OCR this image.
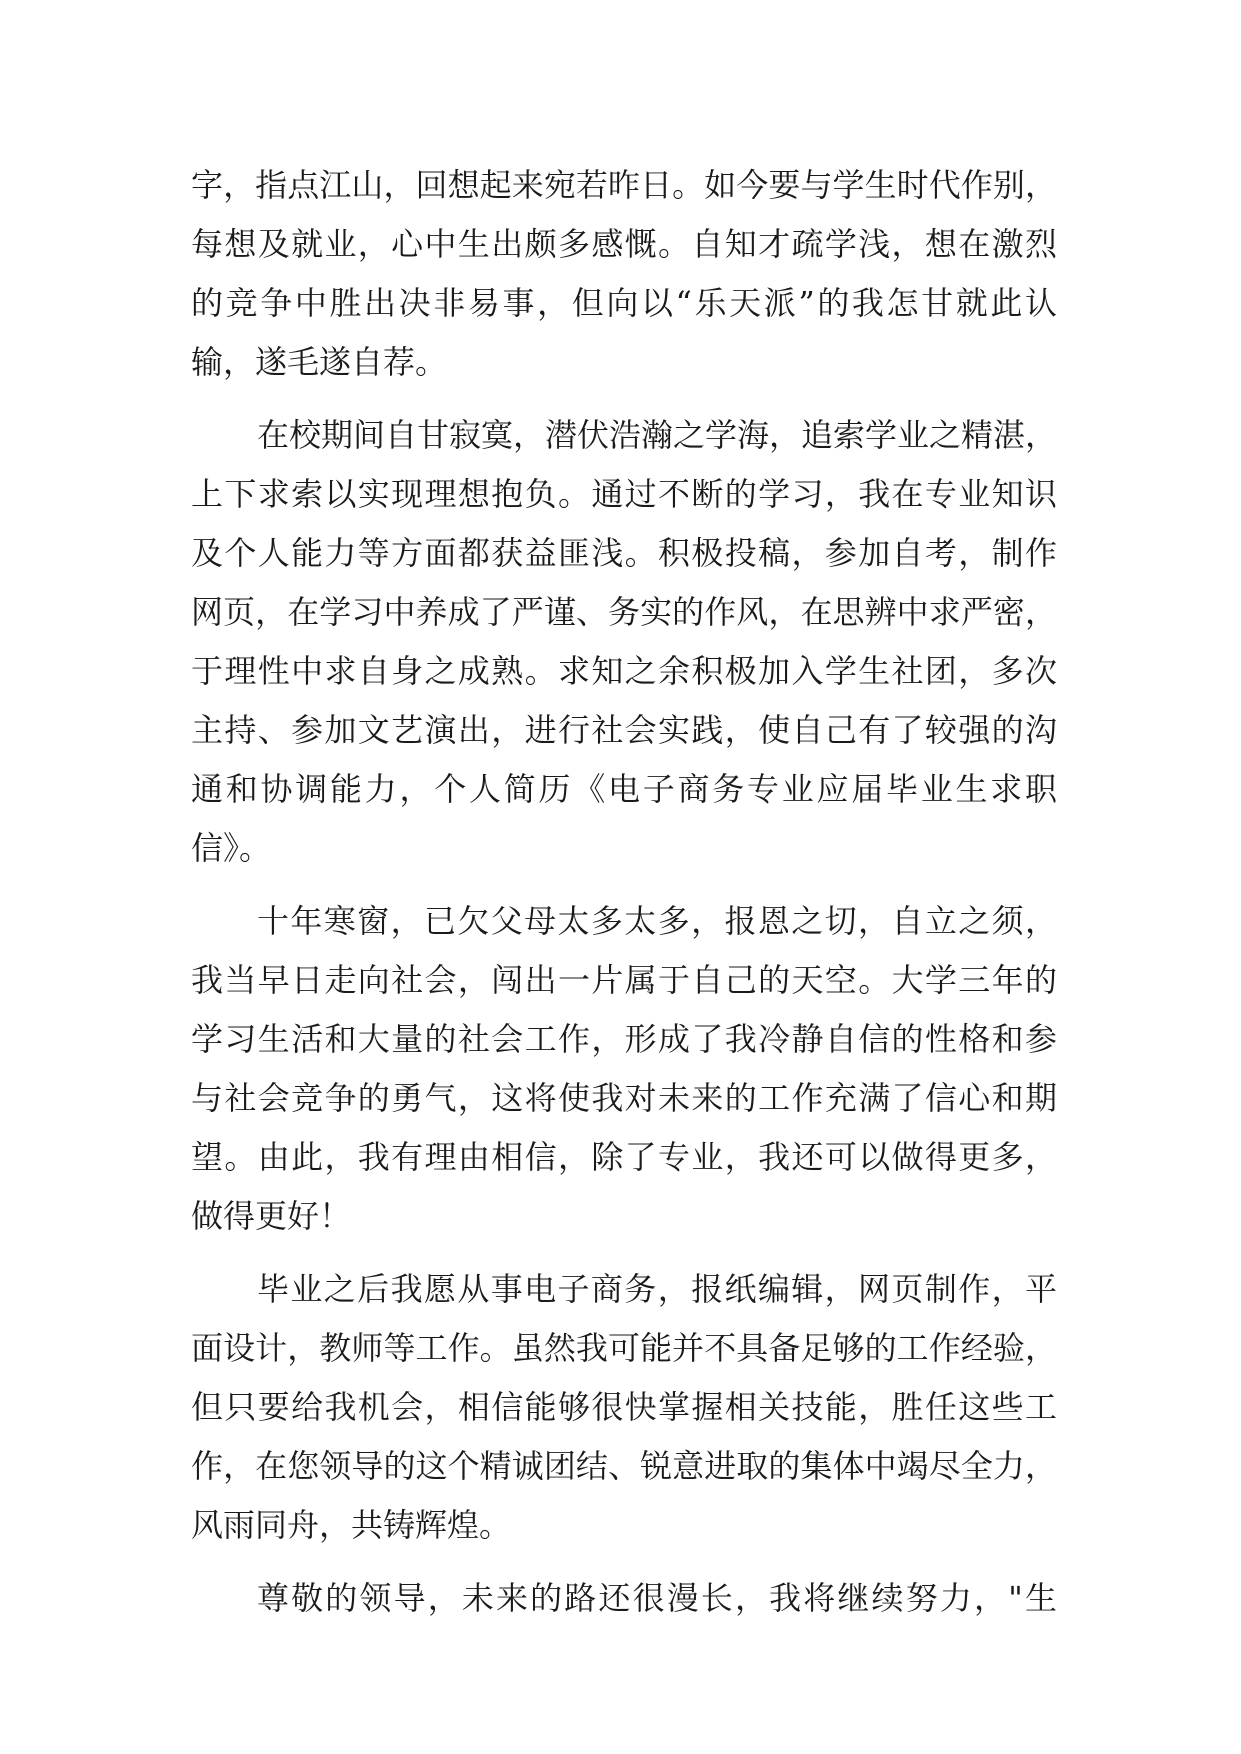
字，指点江山，回想起来宛若昨日。如今要与学生时代作别，
每想及就业，心中生出颇多感慨。自知才疏学浅，想在激烈
的竞争中胜出决非易事，但向以“乐天派”的我怎甘就此认
输，遂毛遂自荐。
在校期间自甘寂寞，潜伏浩瀚之学海，追索学业之精湛，
上下求索以实现理想抱负。通过不断的学习，我在专业知识
及个人能力等方面都获益匪浅。积极投稿，参加自考，制作
网页，在学习中养成了严谨、务实的作风，在思辨中求严密，
于理性中求自身之成熟。求知之余积极加入学生社团，多次
主持、参加文艺演出，进行社会实践，使自己有了较强的沟
通和协调能力，个人简历《电子商务专业应届毕业生求职
信》。
十年寒窗，已欠父母太多太多，报恩之切，自立之须，
我当早日走向社会，闯出一片属于自己的天空。大学三年的
学习生活和大量的社会工作，形成了我冷静自信的性格和参
与社会竞争的勇气，这将使我对未来的工作充满了信心和期
望。由此，我有理由相信，除了专业，我还可以做得更多，
做得更好！
毕业之后我愿从事电子商务，报纸编辑，网页制作，平
面设计，教师等工作。虽然我可能并不具备足够的工作经验，
但只要给我机会，相信能够很快掌握相关技能，胜任这些工
作，在您领导的这个精诚团结、锐意进取的集体中竭尽全力，
风雨同舟，共铸辉煌。
尊敬的领导，未来的路还很漫长，我将继续努力，"生
